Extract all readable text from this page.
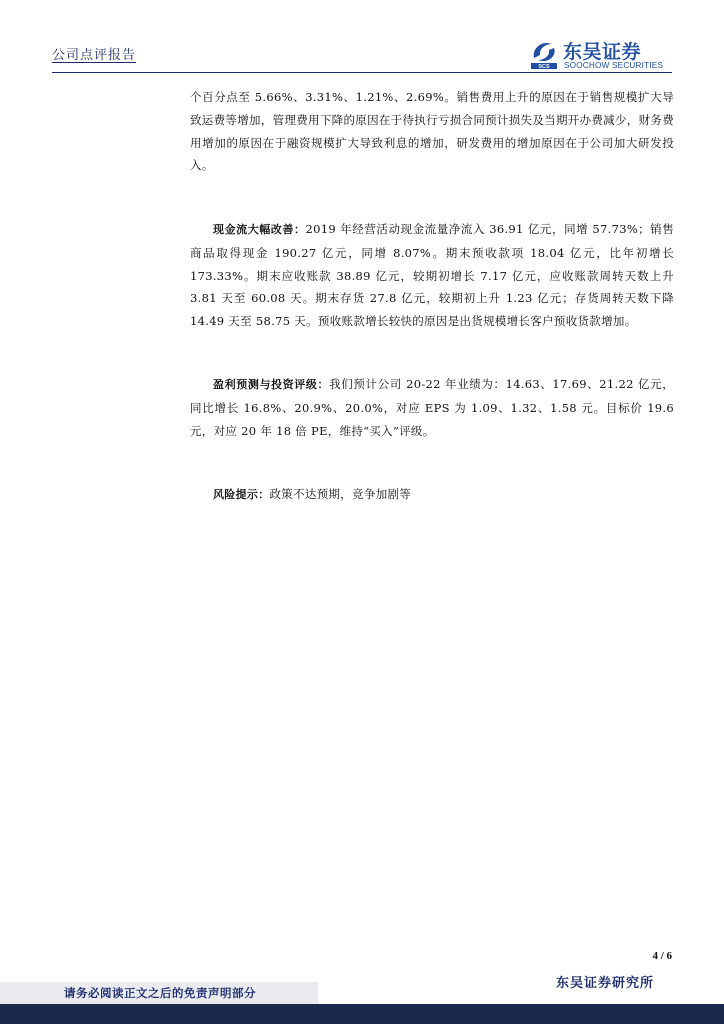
公司点评报告
SCS
东吴证券
SOOCHOW SECURITIES

个百分点至 5.66%、3.31%、1.21%、2.69%。销售费用上升的原因在于销售规模扩大导致运费等增加，管理费用下降的原因在于待执行亏损合同预计损失及当期开办费减少，财务费用增加的原因在于融资规模扩大导致利息的增加，研发费用的增加原因在于公司加大研发投入。

现金流大幅改善：2019 年经营活动现金流量净流入 36.91 亿元，同增 57.73%；销售商品取得现金 190.27 亿元，同增 8.07%。期末预收款项 18.04 亿元，比年初增长 173.33%。期末应收账款 38.89 亿元，较期初增长 7.17 亿元，应收账款周转天数上升 3.81 天至 60.08 天。期末存货 27.8 亿元，较期初上升 1.23 亿元；存货周转天数下降 14.49 天至 58.75 天。预收账款增长较快的原因是出货规模增长客户预收货款增加。

盈利预测与投资评级：我们预计公司 20-22 年业绩为：14.63、17.69、21.22 亿元，同比增长 16.8%、20.9%、20.0%，对应 EPS 为 1.09、1.32、1.58 元。目标价 19.6 元，对应 20 年 18 倍 PE，维持“买入”评级。

风险提示：政策不达预期，竞争加剧等

4 / 6
东吴证券研究所
请务必阅读正文之后的免责声明部分
